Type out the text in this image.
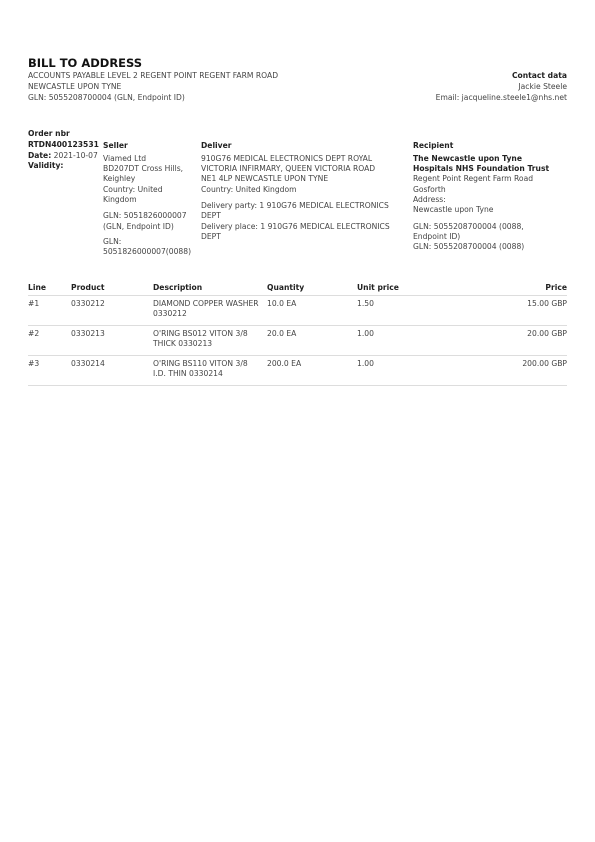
BILL TO ADDRESS
ACCOUNTS PAYABLE LEVEL 2 REGENT POINT REGENT FARM ROAD
NEWCASTLE UPON TYNE
GLN: 5055208700004 (GLN, Endpoint ID)
Contact data
Jackie Steele
Email: jacqueline.steele1@nhs.net
Order nbr
RTDN400123531
Date: 2021-10-07
Validity:
Seller
Viamed Ltd
BD207DT Cross Hills,
Keighley
Country: United
Kingdom
GLN: 5051826000007
(GLN, Endpoint ID)
GLN:
5051826000007(0088)
Deliver
910G76 MEDICAL ELECTRONICS DEPT ROYAL
VICTORIA INFIRMARY, QUEEN VICTORIA ROAD
NE1 4LP NEWCASTLE UPON TYNE
Country: United Kingdom
Delivery party: 1 910G76 MEDICAL ELECTRONICS
DEPT
Delivery place: 1 910G76 MEDICAL ELECTRONICS
DEPT
Recipient
The Newcastle upon Tyne
Hospitals NHS Foundation Trust
Regent Point Regent Farm Road
Gosforth
Address:
Newcastle upon Tyne
GLN: 5055208700004 (0088,
Endpoint ID)
GLN: 5055208700004 (0088)
Line	Product	Description	Quantity	Unit price	Price
#1	0330212	DIAMOND COPPER WASHER
0330212
10.0 EA	1.50	15.00 GBP
#2	0330213	O'RING BS012 VITON 3/8
THICK 0330213
20.0 EA	1.00	20.00 GBP
#3	0330214	O'RING BS110 VITON 3/8
I.D. THIN 0330214
200.0 EA	1.00	200.00 GBP
